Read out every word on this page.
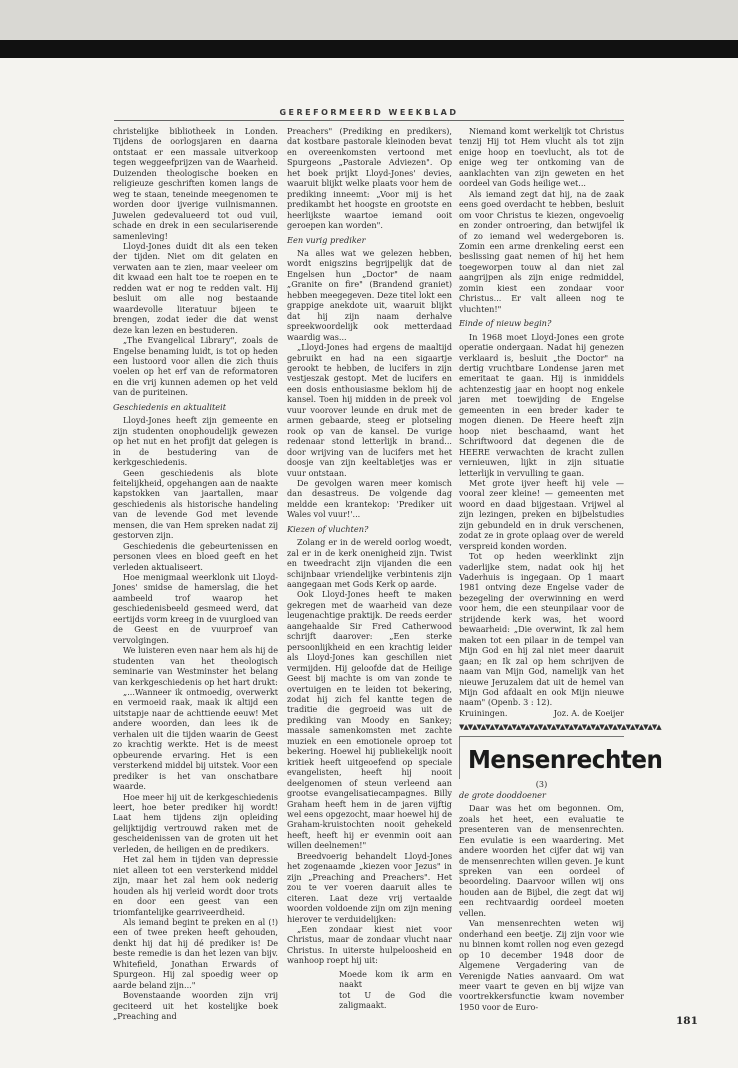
GEREFORMEERD WEEKBLAD

christelijke bibliotheek in Londen. Tijdens de oorlogsjaren en daarna ontstaat er een massale uitverkoop tegen weggeefprijzen van de Waarheid. Duizenden theologische boeken en religieuze geschriften komen langs de weg te staan, teneinde meegenomen te worden door ijverige vuilnismannen. Juwelen gedevalueerd tot oud vuil, schade en drek in een seculariserende samenleving!

Lloyd-Jones duidt dit als een teken der tijden. Niet om dit gelaten en verwaten aan te zien, maar veeleer om dit kwaad een halt toe te roepen en te redden wat er nog te redden valt. Hij besluit om alle nog bestaande waardevolle literatuur bijeen te brengen, zodat ieder die dat wenst deze kan lezen en bestuderen.

„The Evangelical Library", zoals de Engelse benaming luidt, is tot op heden een lustoord voor allen die zich thuis voelen op het erf van de reformatoren en die vrij kunnen ademen op het veld van de puriteinen.

Geschiedenis en aktualiteit

Lloyd-Jones heeft zijn gemeente en zijn studenten onophoudelijk gewezen op het nut en het profijt dat gelegen is in de bestudering van de kerkgeschiedenis.

Geen geschiedenis als blote feitelijkheid, opgehangen aan de naakte kapstokken van jaartallen, maar geschiedenis als historische handeling van de levende God met levende mensen, die van Hem spreken nadat zij gestorven zijn.

Geschiedenis die gebeurtenissen en personen vlees en bloed geeft en het verleden aktualiseert.

Hoe menigmaal weerklonk uit Lloyd-Jones' smidse de hamerslag, die het aambeeld trof waarop het geschiedenisbeeld gesmeed werd, dat eertijds vorm kreeg in de vuurgloed van de Geest en de vuurproef van vervolgingen.

We luisteren even naar hem als hij de studenten van het theologisch seminarie van Westminster het belang van kerkgeschiedenis op het hart drukt:

„...Wanneer ik ontmoedig, overwerkt en vermoeid raak, maak ik altijd een uitstapje naar de achttiende eeuw! Met andere woorden, dan lees ik de verhalen uit die tijden waarin de Geest zo krachtig werkte. Het is de meest opbeurende ervaring. Het is een versterkend middel bij uitstek. Voor een prediker is het van onschatbare waarde.

Hoe meer hij uit de kerkgeschiedenis leert, hoe beter prediker hij wordt! Laat hem tijdens zijn opleiding gelijktijdig vertrouwd raken met de gescheidenissen van de groten uit het verleden, de heiligen en de predikers.

Het zal hem in tijden van depressie niet alleen tot een versterkend middel zijn, maar het zal hem ook nederig houden als hij verleid wordt door trots en door een geest van een triomfantelijke gearriveerdheid.

Als iemand begint te preken en al (!) een of twee preken heeft gehouden, denkt hij dat hij dé prediker is! De beste remedie is dan het lezen van bijv. Whitefield, Jonathan Erwards of Spurgeon. Hij zal spoedig weer op aarde beland zijn..."

Bovenstaande woorden zijn vrij geciteerd uit het kostelijke boek „Preaching and

Preachers" (Prediking en predikers), dat kostbare pastorale kleinoden bevat en overeenkomsten vertoond met Spurgeons „Pastorale Adviezen". Op het boek prijkt Lloyd-Jones' devies, waaruit blijkt welke plaats voor hem de prediking inneemt: „Voor mij is het predikambt het hoogste en grootste en heerlijkste waartoe iemand ooit geroepen kan worden".

Een vurig prediker

Na alles wat we gelezen hebben, wordt enigszins begrijpelijk dat de Engelsen hun „Doctor" de naam „Granite on fire" (Brandend graniet) hebben meegegeven. Deze titel lokt een grappige anekdote uit, waaruit blijkt dat hij zijn naam derhalve spreekwoordelijk ook metterdaad waardig was...

„Lloyd-Jones had ergens de maaltijd gebruikt en had na een sigaartje gerookt te hebben, de lucifers in zijn vestjeszak gestopt. Met de lucifers en een dosis enthousiasme beklom hij de kansel. Toen hij midden in de preek vol vuur voorover leunde en druk met de armen gebaarde, steeg er plotseling rook op van de kansel. De vurige redenaar stond letterlijk in brand... door wrijving van de lucifers met het doosje van zijn keeltabletjes was er vuur ontstaan.

De gevolgen waren meer komisch dan desastreus. De volgende dag meldde een krantekop: 'Prediker uit Wales vol vuur!'...

Kiezen of vluchten?

Zolang er in de wereld oorlog woedt, zal er in de kerk onenigheid zijn. Twist en tweedracht zijn vijanden die een schijnbaar vriendelijke verbintenis zijn aangegaan met Gods Kerk op aarde.

Ook Lloyd-Jones heeft te maken gekregen met de waarheid van deze leugenachtige praktijk. De reeds eerder aangehaalde Sir Fred Catherwood schrijft daarover: „Een sterke persoonlijkheid en een krachtig leider als Lloyd-Jones kan geschillen niet vermijden. Hij geloofde dat de Heilige Geest bij machte is om van zonde te overtuigen en te leiden tot bekering, zodat hij zich fel kantte tegen de traditie die gegroeid was uit de prediking van Moody en Sankey; massale samenkomsten met zachte muziek en een emotionele oproep tot bekering. Hoewel hij publiekelijk nooit kritiek heeft uitgeoefend op speciale evangelisten, heeft hij nooit deelgenomen of steun verleend aan grootse evangelisatiecampagnes. Billy Graham heeft hem in de jaren vijftig wel eens opgezocht, maar hoewel hij de Graham-kruistochten nooit gehekeld heeft, heeft hij er evenmin ooit aan willen deelnemen!"

Breedvoerig behandelt Lloyd-Jones het zogenaamde „kiezen voor Jezus" in zijn „Preaching and Preachers". Het zou te ver voeren daaruit alles te citeren. Laat deze vrij vertaalde woorden voldoende zijn om zijn mening hierover te verduidelijken:

„Een zondaar kiest niet voor Christus, maar de zondaar vlucht naar Christus. In uiterste hulpeloosheid en wanhoop roept hij uit:

Moede kom ik arm en naakt

tot U de God die zaligmaakt.

Niemand komt werkelijk tot Christus tenzij Hij tot Hem vlucht als tot zijn enige hoop en toevlucht, als tot de enige weg ter ontkoming van de aanklachten van zijn geweten en het oordeel van Gods heilige wet...

Als iemand zegt dat hij, na de zaak eens goed overdacht te hebben, besluit om voor Christus te kiezen, ongevoelig en zonder ontroering, dan betwijfel ik of zo iemand wel wedergeboren is. Zomin een arme drenkeling eerst een beslissing gaat nemen of hij het hem toegeworpen touw al dan niet zal aangrijpen als zijn enige redmiddel, zomin kiest een zondaar voor Christus... Er valt alleen nog te vluchten!"

Einde of nieuw begin?

In 1968 moet Lloyd-Jones een grote operatie ondergaan. Nadat hij genezen verklaard is, besluit „the Doctor" na dertig vruchtbare Londense jaren met emeritaat te gaan. Hij is inmiddels achtenzestig jaar en hoopt nog enkele jaren met toewijding de Engelse gemeenten in een breder kader te mogen dienen. De Heere heeft zijn hoop niet beschaamd, want het Schriftwoord dat degenen die de HEERE verwachten de kracht zullen vernieuwen, lijkt in zijn situatie letterlijk in vervulling te gaan.

Met grote ijver heeft hij vele — vooral zeer kleine! — gemeenten met woord en daad bijgestaan. Vrijwel al zijn lezingen, preken en bijbelstudies zijn gebundeld en in druk verschenen, zodat ze in grote oplaag over de wereld verspreid konden worden.

Tot op heden weerklinkt zijn vaderlijke stem, nadat ook hij het Vaderhuis is ingegaan. Op 1 maart 1981 ontving deze Engelse vader de bezegeling der overwinning en werd voor hem, die een steunpilaar voor de strijdende kerk was, het woord bewaarheid: „Die overwint, Ik zal hem maken tot een pilaar in de tempel van Mijn God en hij zal niet meer daaruit gaan; en Ik zal op hem schrijven de naam van Mijn God, namelijk van het nieuwe Jeruzalem dat uit de hemel van Mijn God afdaalt en ook Mijn nieuwe naam" (Openb. 3 : 12).

Kruiningen.	Joz. A. de Koeijer

▼▲▼▲▼▲▼▲▼▲▼▲▼▲▼▲▼▲▼▲▼▲▼▲▼▲▼▲▼▲▼▲▼▲▼▲▼▲▼▲▼▲▼▲▼▲
Mensenrechten

(3)

de grote dooddoener

Daar was het om begonnen. Om, zoals het heet, een evaluatie te presenteren van de mensenrechten. Een evulatie is een waardering. Met andere woorden het cijfer dat wij van de mensenrechten willen geven. Je kunt spreken van een oordeel of beoordeling. Daarvoor willen wij ons houden aan de Bijbel, die zegt dat wij een rechtvaardig oordeel moeten vellen.

Van mensenrechten weten wij onderhand een beetje. Zij zijn voor wie nu binnen komt rollen nog even gezegd op 10 december 1948 door de Algemene Vergadering van de Verenigde Naties aanvaard. Om wat meer vaart te geven en bij wijze van voortrekkersfunctie kwam november 1950 voor de Euro-

181
